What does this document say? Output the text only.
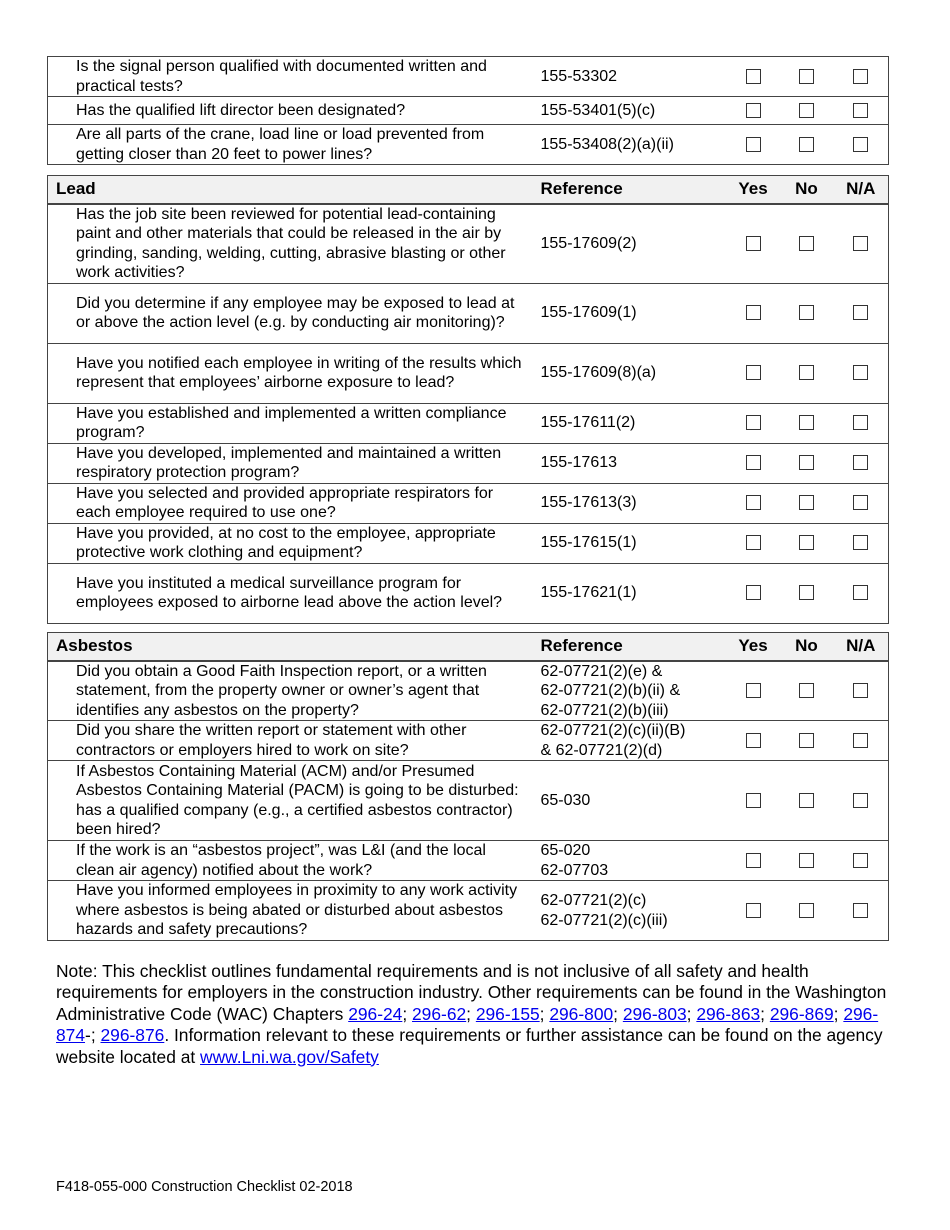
Is the signal person qualified with documented written and practical tests?	155-53302			
Has the qualified lift director been designated?	155-53401(5)(c)			
Are all parts of the crane, load line or load prevented from getting closer than 20 feet to power lines?	155-53408(2)(a)(ii)			
Lead	Reference	Yes	No	N/A
Has the job site been reviewed for potential lead-containing paint and other materials that could be released in the air by grinding, sanding, welding, cutting, abrasive blasting or other work activities?	155-17609(2)			
Did you determine if any employee may be exposed to lead at or above the action level (e.g. by conducting air monitoring)?	155-17609(1)			
Have you notified each employee in writing of the results which represent that employees’ airborne exposure to lead?	155-17609(8)(a)			
Have you established and implemented a written compliance program?	155-17611(2)			
Have you developed, implemented and maintained a written respiratory protection program?	155-17613			
Have you selected and provided appropriate respirators for each employee required to use one?	155-17613(3)			
Have you provided, at no cost to the employee, appropriate protective work clothing and equipment?	155-17615(1)			
Have you instituted a medical surveillance program for employees exposed to airborne lead above the action level?	155-17621(1)			
Asbestos	Reference	Yes	No	N/A
Did you obtain a Good Faith Inspection report, or a written statement, from the property owner or owner’s agent that identifies any asbestos on the property?	62-07721(2)(e) &
62-07721(2)(b)(ii) &
62-07721(2)(b)(iii)			

Did you share the written report or statement with other contractors or employers hired to work on site?	62-07721(2)(c)(ii)(B)
& 62-07721(2)(d)			

If Asbestos Containing Material (ACM) and/or Presumed Asbestos Containing Material (PACM) is going to be disturbed: has a qualified company (e.g., a certified asbestos contractor) been hired?	65-030			

If the work is an “asbestos project”, was L&I (and the local clean air agency) notified about the work?	65-020
62-07703			

Have you informed employees in proximity to any work activity where asbestos is being abated or disturbed about asbestos hazards and safety precautions?	62-07721(2)(c)
62-07721(2)(c)(iii)			

Note: This checklist outlines fundamental requirements and is not inclusive of all safety and health requirements for employers in the construction industry. Other requirements can be found in the Washington Administrative Code (WAC) Chapters 296-24; 296-62; 296-155; 296-800; 296-803; 296-863; 296-869; 296-874-; 296-876. Information relevant to these requirements or further assistance can be found on the agency website located at www.Lni.wa.gov/Safety
F418-055-000 Construction Checklist 02-2018
